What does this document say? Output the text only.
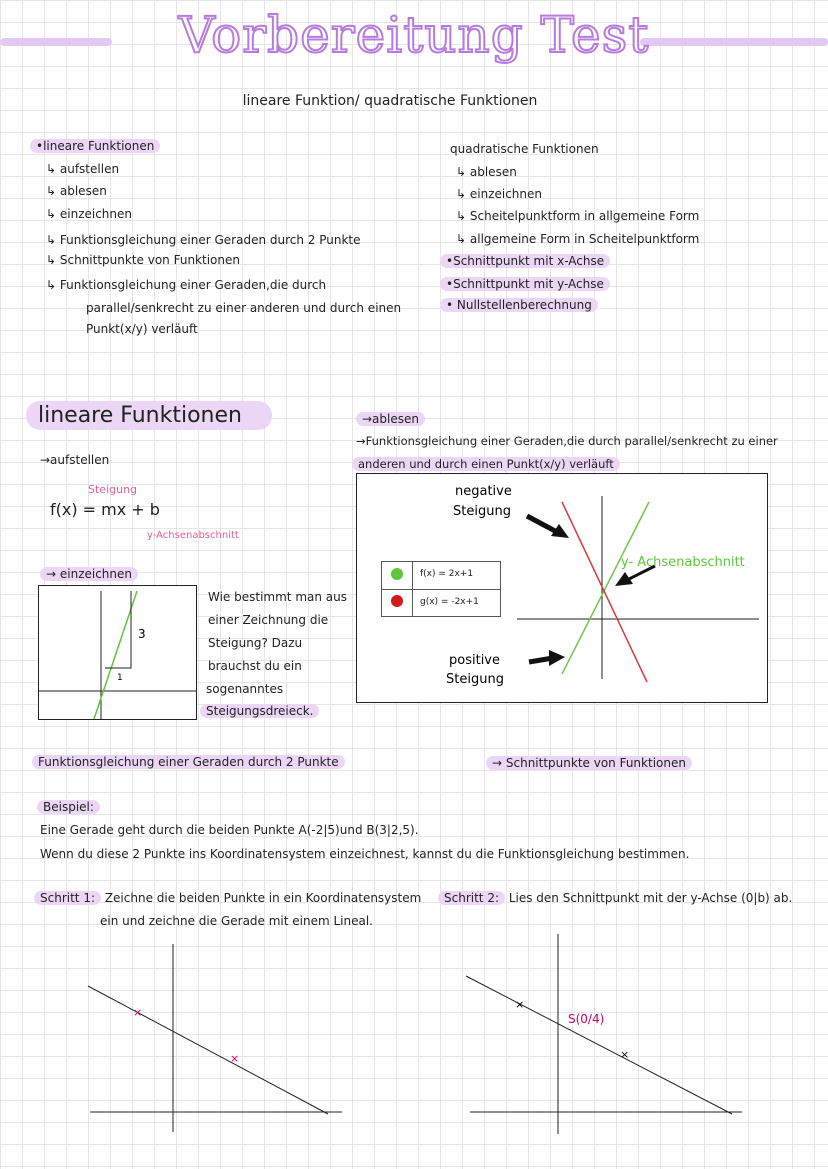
Vorbereitung Test
lineare Funktion/ quadratische Funktionen
•lineare Funktionen
↳ aufstellen
↳ ablesen
↳ einzeichnen
↳ Funktionsgleichung einer Geraden durch 2 Punkte
↳ Schnittpunkte von Funktionen
↳ Funktionsgleichung einer Geraden,die durch
parallel/senkrecht zu einer anderen und durch einen
Punkt(x/y) verläuft
quadratische Funktionen
↳ ablesen
↳ einzeichnen
↳ Scheitelpunktform in allgemeine Form
↳ allgemeine Form in Scheitelpunktform
•Schnittpunkt mit x-Achse
•Schnittpunkt mit y-Achse
• Nullstellenberechnung
lineare Funktionen
→aufstellen
Steigung
f(x) = mx + b
y-Achsenabschnitt
→ einzeichnen
3
1
Wie bestimmt man aus
einer Zeichnung die
Steigung? Dazu
brauchst du ein
sogenanntes
Steigungsdreieck.
→ablesen
→Funktionsgleichung einer Geraden,die durch parallel/senkrecht zu einer
anderen und durch einen Punkt(x/y) verläuft
negative
Steigung
positive
Steigung
y- Achsenabschnitt
f(x) = 2x+1
g(x) = -2x+1
Funktionsgleichung einer Geraden durch 2 Punkte	→ Schnittpunkte von Funktionen
Beispiel:
Eine Gerade geht durch die beiden Punkte A(-2|5)und B(3|2,5).
Wenn du diese 2 Punkte ins Koordinatensystem einzeichnest, kannst du die Funktionsgleichung bestimmen.
Schritt 1: Zeichne die beiden Punkte in ein Koordinatensystem
ein und zeichne die Gerade mit einem Lineal.
Schritt 2: Lies den Schnittpunkt mit der y-Achse (0|b) ab.
×
×
×
×
S(0/4)
